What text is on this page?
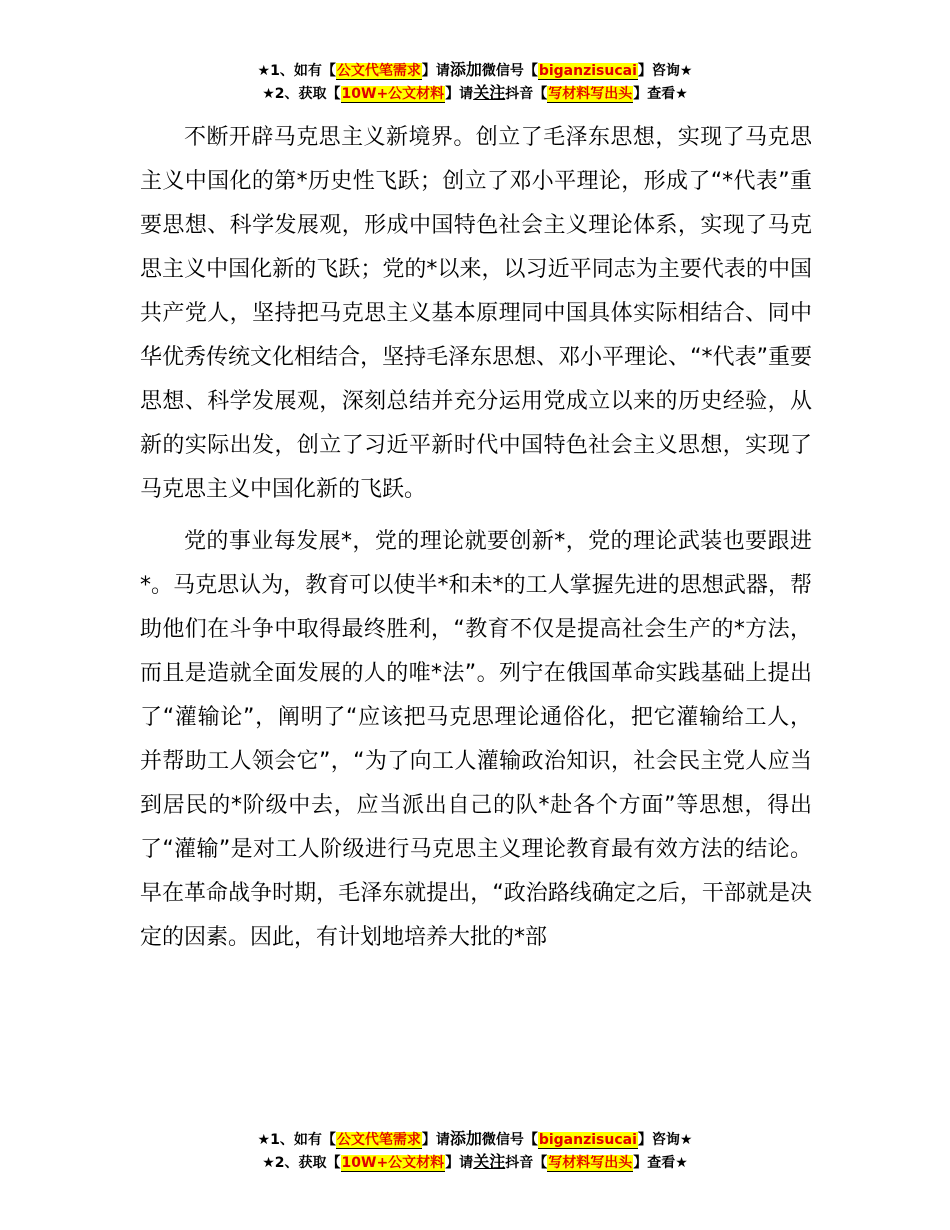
★1、如有【公文代笔需求】请添加微信号【biganzisucai】咨询★
★2、获取【10W+公文材料】请关注抖音【写材料写出头】查看★

不断开辟马克思主义新境界。创立了毛泽东思想，实现了马克思主义中国化的第*历史性飞跃；创立了邓小平理论，形成了“*代表”重要思想、科学发展观，形成中国特色社会主义理论体系，实现了马克思主义中国化新的飞跃；党的*以来，以习近平同志为主要代表的中国共产党人，坚持把马克思主义基本原理同中国具体实际相结合、同中华优秀传统文化相结合，坚持毛泽东思想、邓小平理论、“*代表”重要思想、科学发展观，深刻总结并充分运用党成立以来的历史经验，从新的实际出发，创立了习近平新时代中国特色社会主义思想，实现了马克思主义中国化新的飞跃。

党的事业每发展*，党的理论就要创新*，党的理论武装也要跟进*。马克思认为，教育可以使半*和未*的工人掌握先进的思想武器，帮助他们在斗争中取得最终胜利，“教育不仅是提高社会生产的*方法，而且是造就全面发展的人的唯*法”。列宁在俄国革命实践基础上提出了“灌输论”，阐明了“应该把马克思理论通俗化，把它灌输给工人，并帮助工人领会它”，“为了向工人灌输政治知识，社会民主党人应当到居民的*阶级中去，应当派出自己的队*赴各个方面”等思想，得出了“灌输”是对工人阶级进行马克思主义理论教育最有效方法的结论。早在革命战争时期，毛泽东就提出，“政治路线确定之后，干部就是决定的因素。因此，有计划地培养大批的*部

★1、如有【公文代笔需求】请添加微信号【biganzisucai】咨询★
★2、获取【10W+公文材料】请关注抖音【写材料写出头】查看★
